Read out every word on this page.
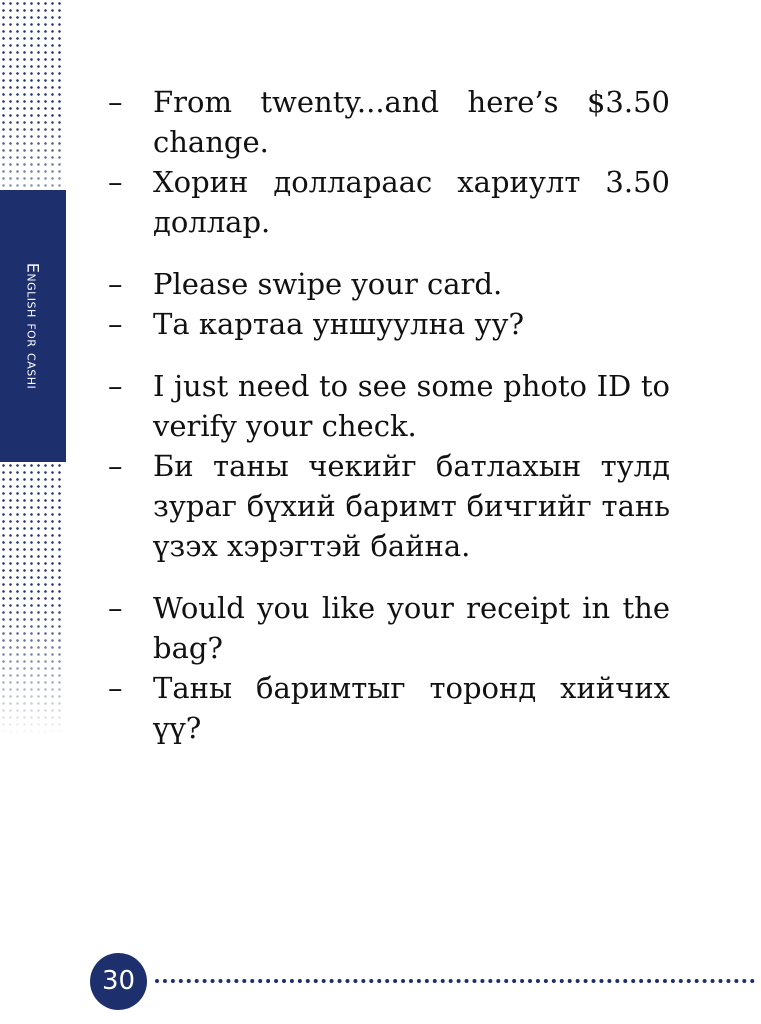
English for cashi
–	From twenty...and here’s $3.50 change.
–	Хорин долларaaс хариулт 3.50 доллар.
–	Please swipe your card.
–	Та картаа уншуулна уу?
–	I just need to see some photo ID to verify your check.
–	Би таны чекийг батлахын тулд зураг бүхий баримт бичгийг тань үзэх хэрэгтэй байна.
–	Would you like your receipt in the bag?
–	Таны баримтыг торонд хийчих үү?
30
